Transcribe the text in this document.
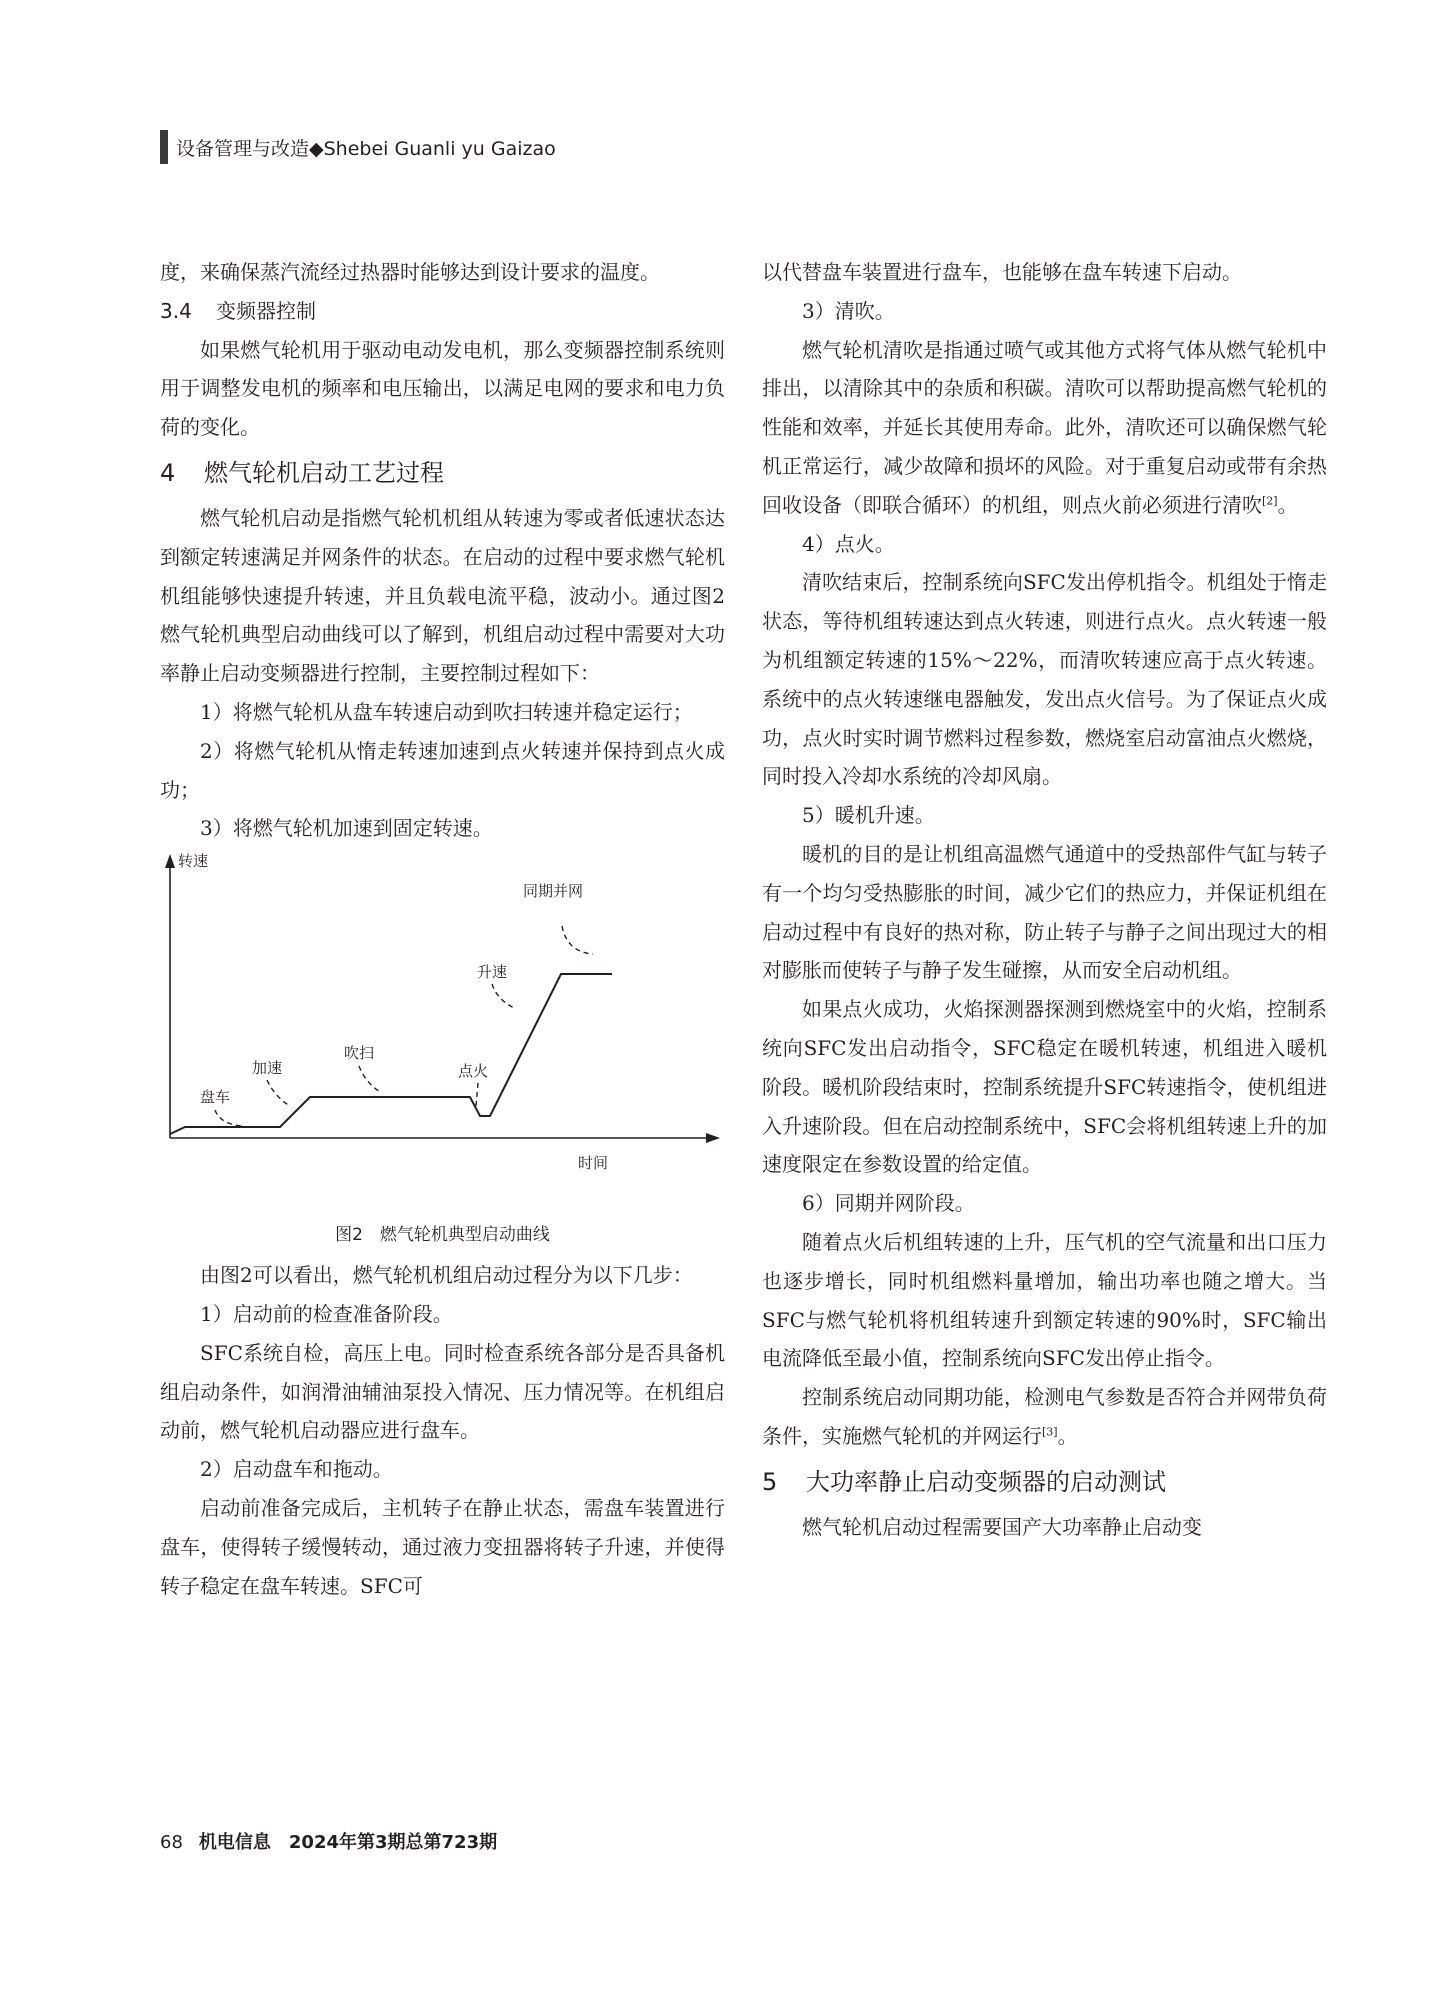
设备管理与改造◆Shebei Guanli yu Gaizao

度，来确保蒸汽流经过热器时能够达到设计要求的温度。

3.4 变频器控制

如果燃气轮机用于驱动电动发电机，那么变频器控制系统则用于调整发电机的频率和电压输出，以满足电网的要求和电力负荷的变化。

4 燃气轮机启动工艺过程

燃气轮机启动是指燃气轮机机组从转速为零或者低速状态达到额定转速满足并网条件的状态。在启动的过程中要求燃气轮机机组能够快速提升转速，并且负载电流平稳，波动小。通过图2燃气轮机典型启动曲线可以了解到，机组启动过程中需要对大功率静止启动变频器进行控制，主要控制过程如下：

1）将燃气轮机从盘车转速启动到吹扫转速并稳定运行；

2）将燃气轮机从惰走转速加速到点火转速并保持到点火成功；

3）将燃气轮机加速到固定转速。

转速
时间
盘车
加速
吹扫
点火
升速
同期并网

图2　燃气轮机典型启动曲线

由图2可以看出，燃气轮机机组启动过程分为以下几步：

1）启动前的检查准备阶段。

SFC系统自检，高压上电。同时检查系统各部分是否具备机组启动条件，如润滑油辅油泵投入情况、压力情况等。在机组启动前，燃气轮机启动器应进行盘车。

2）启动盘车和拖动。

启动前准备完成后，主机转子在静止状态，需盘车装置进行盘车，使得转子缓慢转动，通过液力变扭器将转子升速，并使得转子稳定在盘车转速。SFC可

以代替盘车装置进行盘车，也能够在盘车转速下启动。

3）清吹。

燃气轮机清吹是指通过喷气或其他方式将气体从燃气轮机中排出，以清除其中的杂质和积碳。清吹可以帮助提高燃气轮机的性能和效率，并延长其使用寿命。此外，清吹还可以确保燃气轮机正常运行，减少故障和损坏的风险。对于重复启动或带有余热回收设备（即联合循环）的机组，则点火前必须进行清吹[2]。

4）点火。

清吹结束后，控制系统向SFC发出停机指令。机组处于惰走状态，等待机组转速达到点火转速，则进行点火。点火转速一般为机组额定转速的15%～22%，而清吹转速应高于点火转速。系统中的点火转速继电器触发，发出点火信号。为了保证点火成功，点火时实时调节燃料过程参数，燃烧室启动富油点火燃烧，同时投入冷却水系统的冷却风扇。

5）暖机升速。

暖机的目的是让机组高温燃气通道中的受热部件气缸与转子有一个均匀受热膨胀的时间，减少它们的热应力，并保证机组在启动过程中有良好的热对称，防止转子与静子之间出现过大的相对膨胀而使转子与静子发生碰擦，从而安全启动机组。

如果点火成功，火焰探测器探测到燃烧室中的火焰，控制系统向SFC发出启动指令，SFC稳定在暖机转速，机组进入暖机阶段。暖机阶段结束时，控制系统提升SFC转速指令，使机组进入升速阶段。但在启动控制系统中，SFC会将机组转速上升的加速度限定在参数设置的给定值。

6）同期并网阶段。

随着点火后机组转速的上升，压气机的空气流量和出口压力也逐步增长，同时机组燃料量增加，输出功率也随之增大。当SFC与燃气轮机将机组转速升到额定转速的90%时，SFC输出电流降低至最小值，控制系统向SFC发出停止指令。

控制系统启动同期功能，检测电气参数是否符合并网带负荷条件，实施燃气轮机的并网运行[3]。

5 大功率静止启动变频器的启动测试

燃气轮机启动过程需要国产大功率静止启动变

68 机电信息　2024年第3期总第723期
